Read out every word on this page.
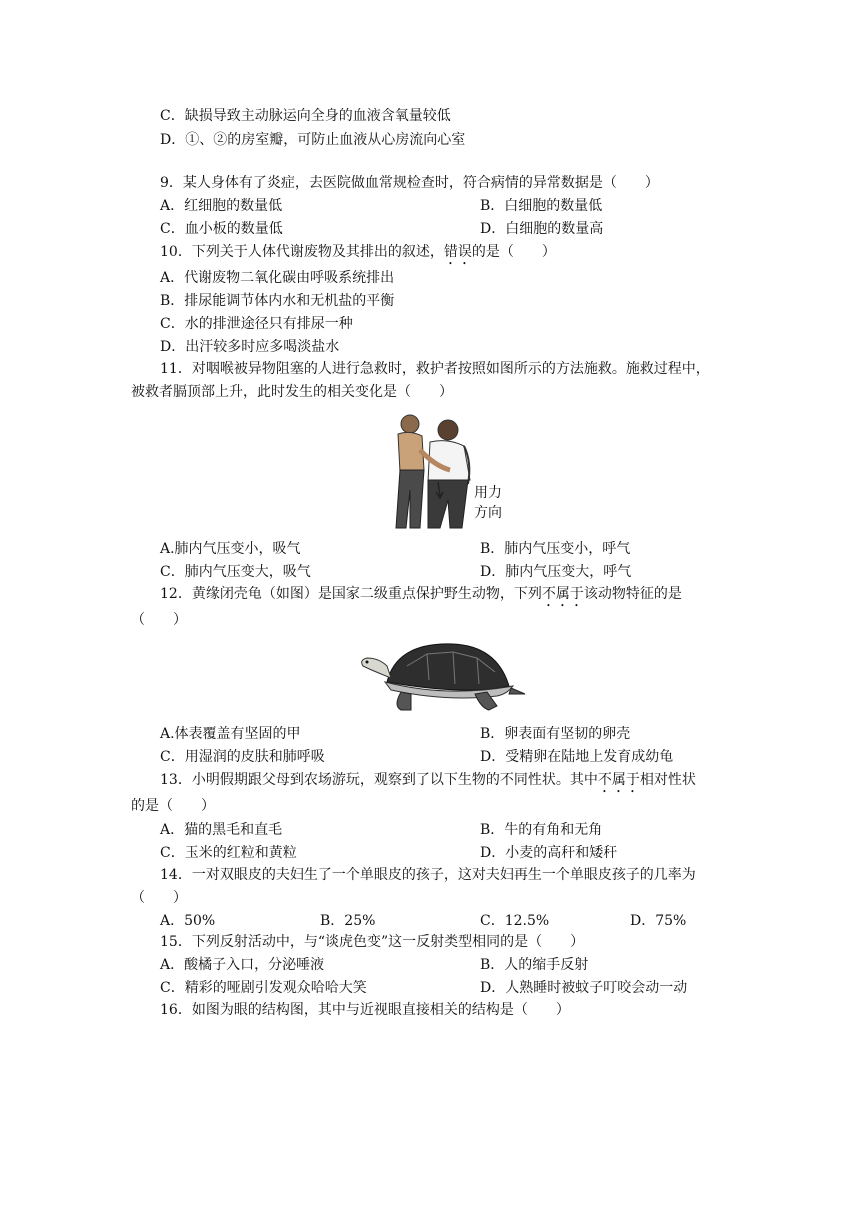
C．缺损导致主动脉运向全身的血液含氧量较低
D．①、②的房室瓣，可防止血液从心房流向心室
9．某人身体有了炎症，去医院做血常规检查时，符合病情的异常数据是（　　）
A．红细胞的数量低	B．白细胞的数量低
C．血小板的数量低	D．白细胞的数量高
10．下列关于人体代谢废物及其排出的叙述，错误的是（　　）
A．代谢废物二氧化碳由呼吸系统排出
B．排尿能调节体内水和无机盐的平衡
C．水的排泄途径只有排尿一种
D．出汗较多时应多喝淡盐水
11．对咽喉被异物阻塞的人进行急救时，救护者按照如图所示的方法施救。施救过程中，
被救者膈顶部上升，此时发生的相关变化是（　　）
用力
方向
A.肺内气压变小，吸气	B．肺内气压变小，呼气
C．肺内气压变大，吸气	D．肺内气压变大，呼气
12．黄缘闭壳龟（如图）是国家二级重点保护野生动物，下列不属于该动物特征的是
（　　）
A.体表覆盖有坚固的甲	B．卵表面有坚韧的卵壳
C．用湿润的皮肤和肺呼吸	D．受精卵在陆地上发育成幼龟
13．小明假期跟父母到农场游玩，观察到了以下生物的不同性状。其中不属于相对性状
的是（　　）
A．猫的黑毛和直毛	B．牛的有角和无角
C．玉米的红粒和黄粒	D．小麦的高秆和矮秆
14．一对双眼皮的夫妇生了一个单眼皮的孩子，这对夫妇再生一个单眼皮孩子的几率为
（　　）
A．50%	B．25%	C．12.5%	D．75%
15．下列反射活动中，与“谈虎色变”这一反射类型相同的是（　　）
A．酸橘子入口，分泌唾液	B．人的缩手反射
C．精彩的哑剧引发观众哈哈大笑	D．人熟睡时被蚊子叮咬会动一动
16．如图为眼的结构图，其中与近视眼直接相关的结构是（　　）
